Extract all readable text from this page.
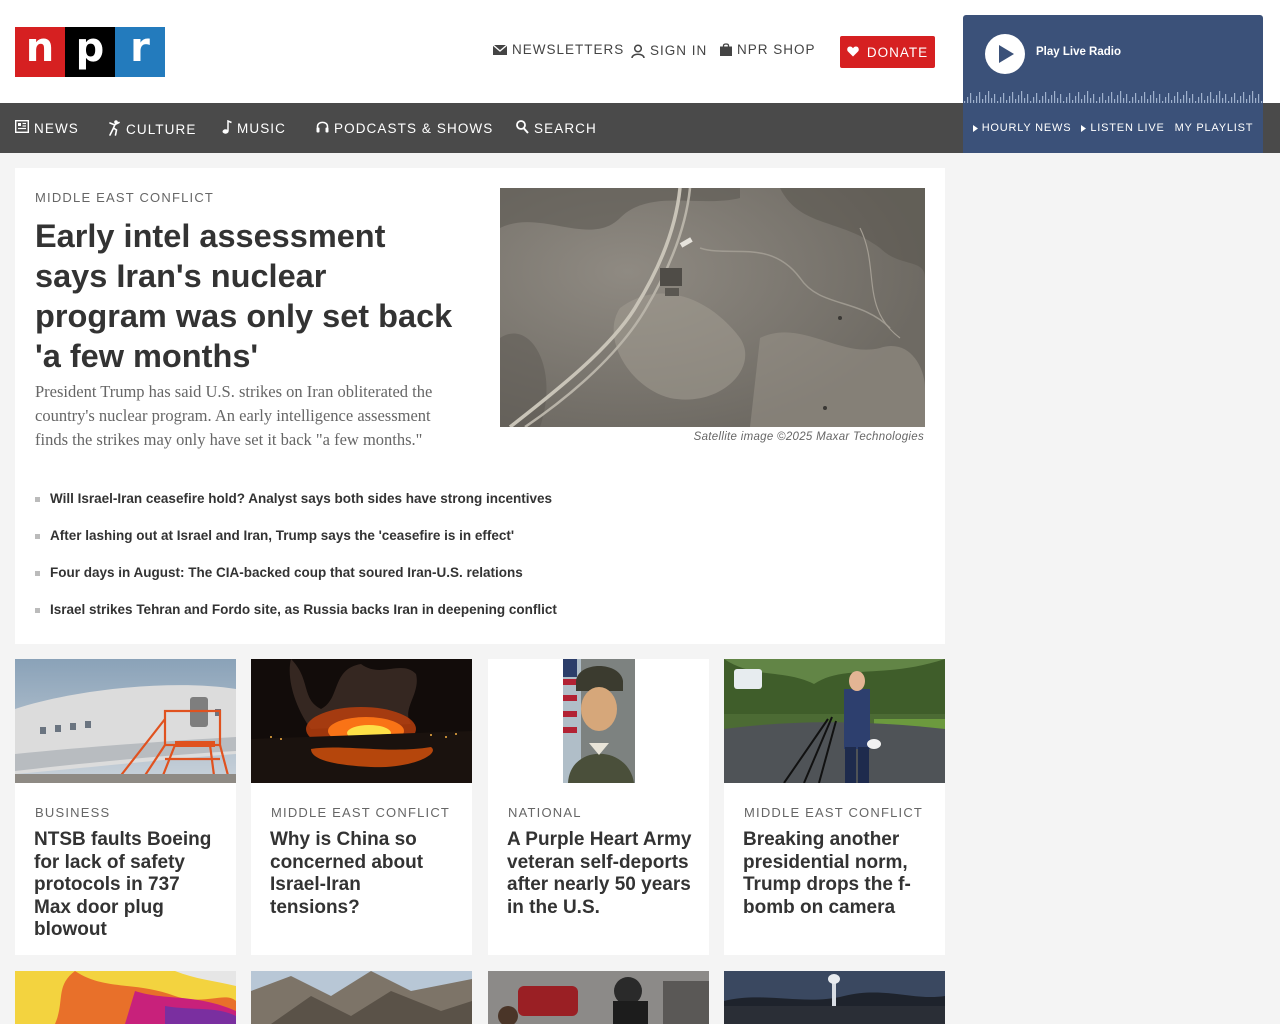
n p r	NEWSLETTERS SIGN IN NPR SHOP	DONATE
NEWS	CULTURE	MUSIC	PODCASTS & SHOWS	SEARCH
Play Live Radio
HOURLY NEWS LISTEN LIVE MY PLAYLIST
MIDDLE EAST CONFLICT
Early intel assessment says Iran's nuclear program was only set back 'a few months'

President Trump has said U.S. strikes on Iran obliterated the country's nuclear program. An early intelligence assessment finds the strikes may only have set it back "a few months."	Satellite image ©2025 Maxar Technologies
Will Israel-Iran ceasefire hold? Analyst says both sides have strong incentives
After lashing out at Israel and Iran, Trump says the 'ceasefire is in effect'
Four days in August: The CIA-backed coup that soured Iran-U.S. relations
Israel strikes Tehran and Fordo site, as Russia backs Iran in deepening conflict
BUSINESS
NTSB faults Boeing for lack of safety protocols in 737 Max door plug blowout
MIDDLE EAST CONFLICT
Why is China so concerned about Israel-Iran tensions?
NATIONAL
A Purple Heart Army veteran self-deports after nearly 50 years in the U.S.
MIDDLE EAST CONFLICT
Breaking another presidential norm, Trump drops the f-bomb on camera
